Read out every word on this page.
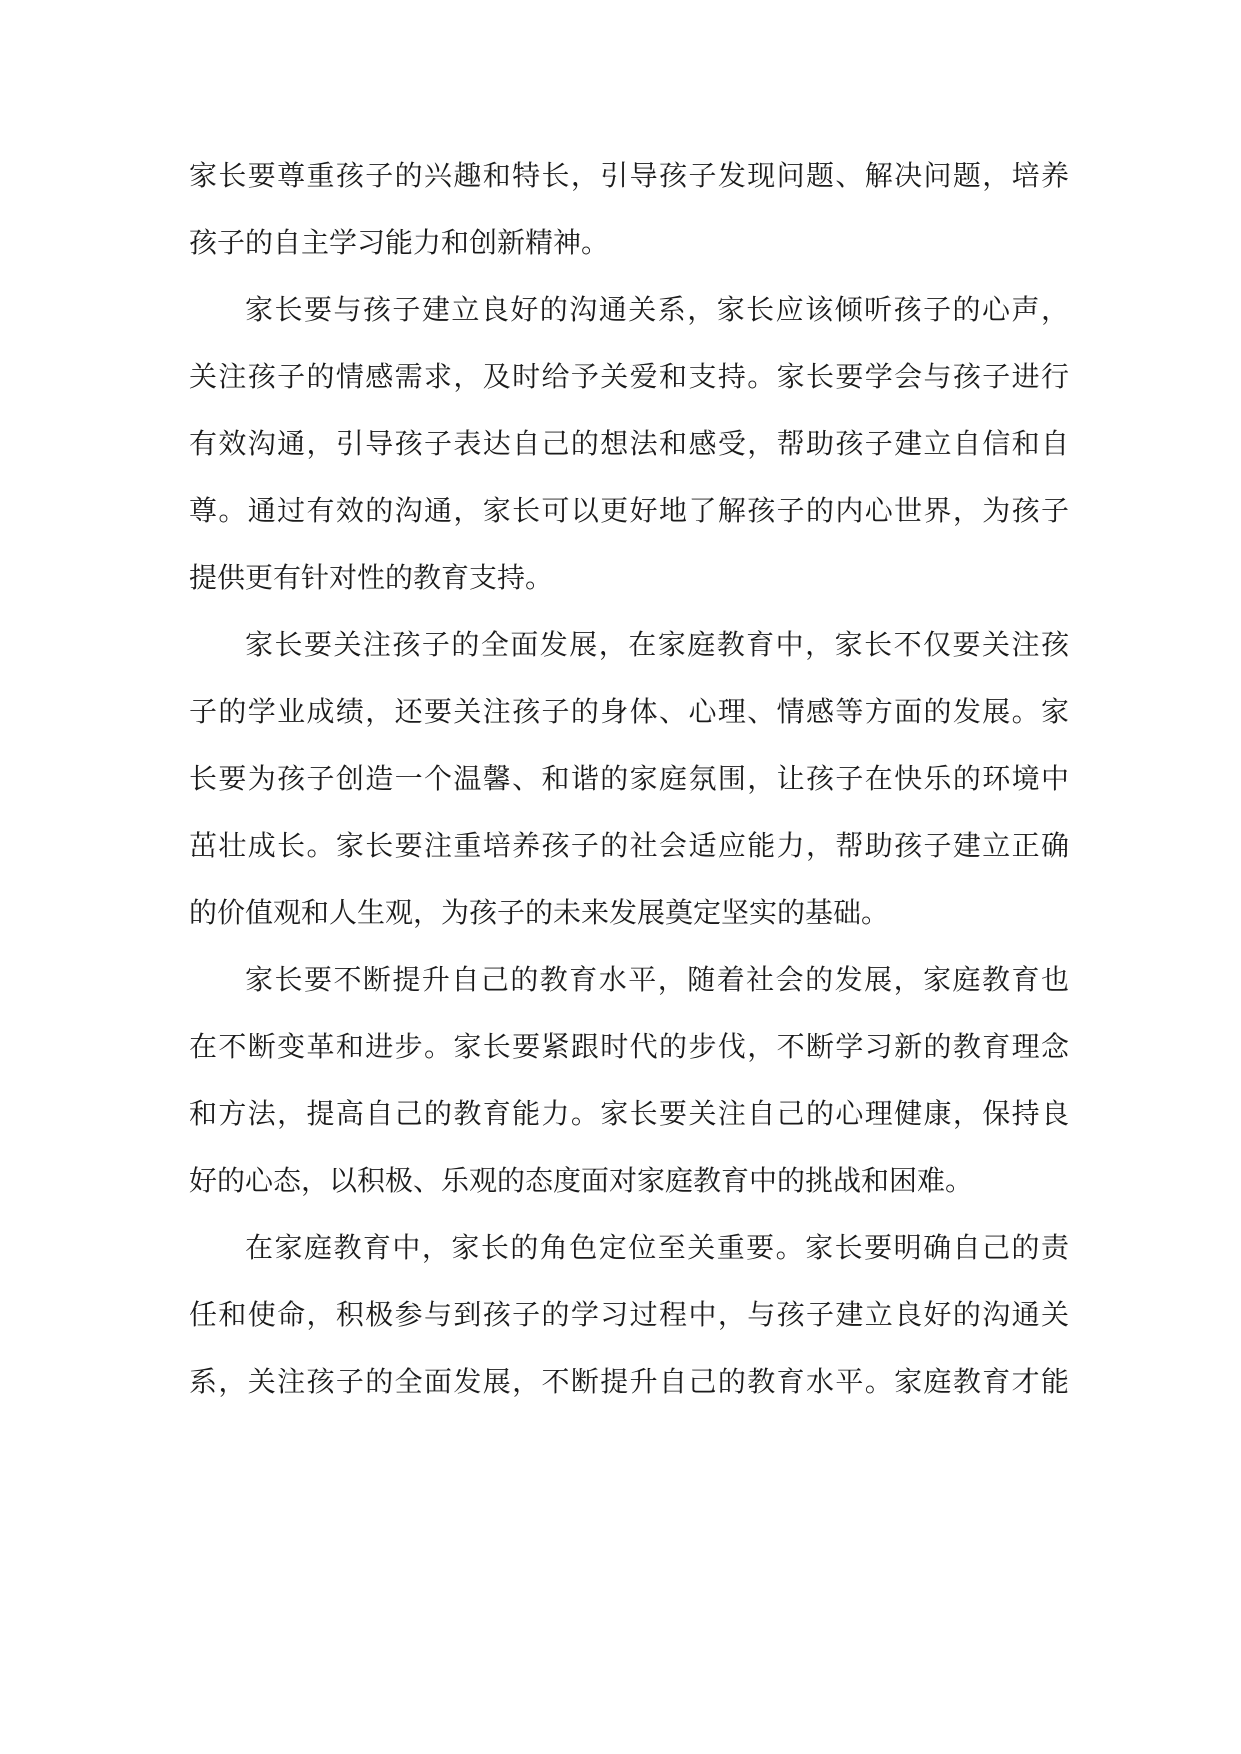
家长要尊重孩子的兴趣和特长，引导孩子发现问题、解决问题，培养
孩子的自主学习能力和创新精神。
家长要与孩子建立良好的沟通关系，家长应该倾听孩子的心声，
关注孩子的情感需求，及时给予关爱和支持。家长要学会与孩子进行
有效沟通，引导孩子表达自己的想法和感受，帮助孩子建立自信和自
尊。通过有效的沟通，家长可以更好地了解孩子的内心世界，为孩子
提供更有针对性的教育支持。
家长要关注孩子的全面发展，在家庭教育中，家长不仅要关注孩
子的学业成绩，还要关注孩子的身体、心理、情感等方面的发展。家
长要为孩子创造一个温馨、和谐的家庭氛围，让孩子在快乐的环境中
茁壮成长。家长要注重培养孩子的社会适应能力，帮助孩子建立正确
的价值观和人生观，为孩子的未来发展奠定坚实的基础。
家长要不断提升自己的教育水平，随着社会的发展，家庭教育也
在不断变革和进步。家长要紧跟时代的步伐，不断学习新的教育理念
和方法，提高自己的教育能力。家长要关注自己的心理健康，保持良
好的心态，以积极、乐观的态度面对家庭教育中的挑战和困难。
在家庭教育中，家长的角色定位至关重要。家长要明确自己的责
任和使命，积极参与到孩子的学习过程中，与孩子建立良好的沟通关
系，关注孩子的全面发展，不断提升自己的教育水平。家庭教育才能
